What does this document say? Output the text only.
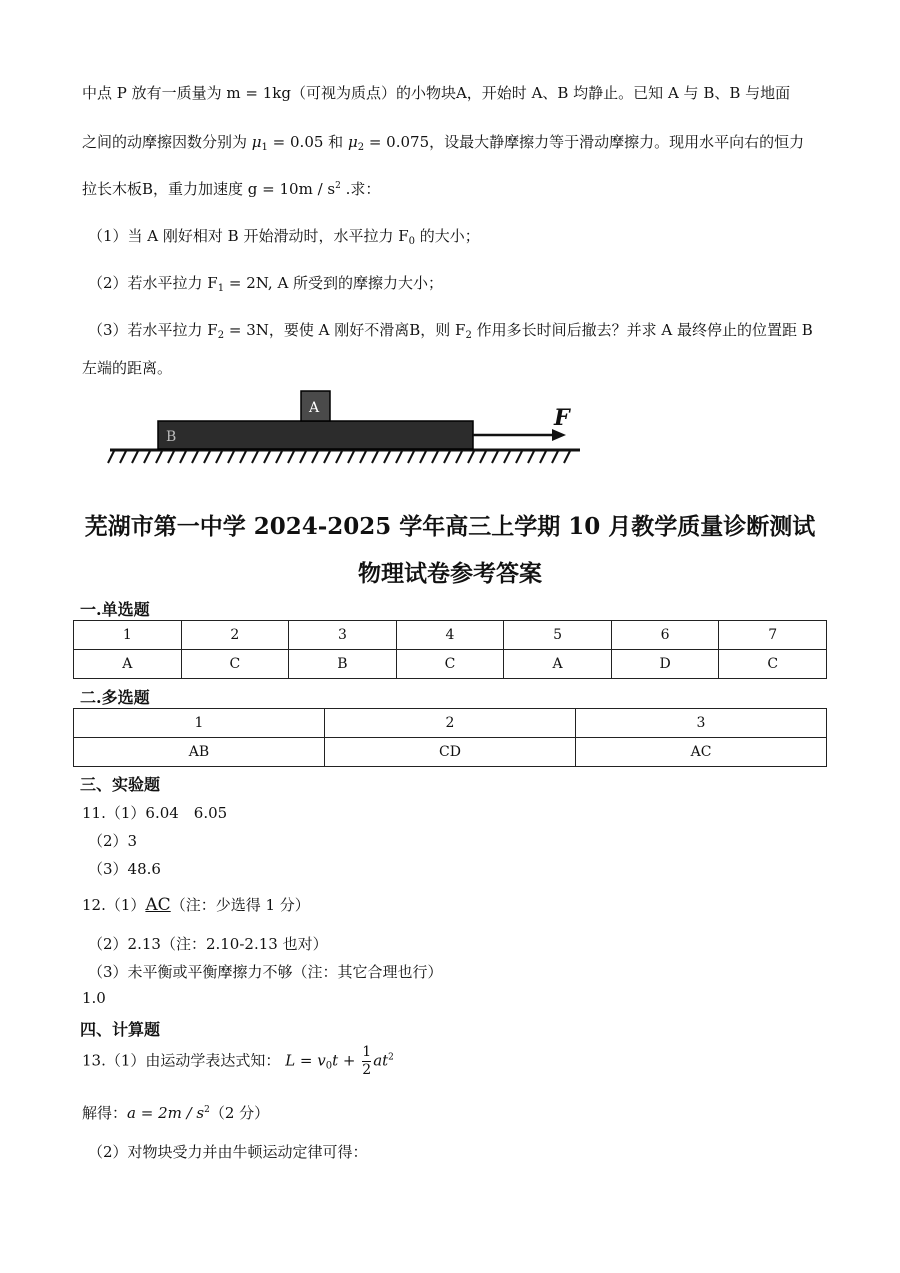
中点 P 放有一质量为 m = 1kg（可视为质点）的小物块A，开始时 A、B 均静止。已知 A 与 B、B 与地面
之间的动摩擦因数分别为 $\mu_1 = 0.05$ 和 $\mu_2 = 0.075$，设最大静摩擦力等于滑动摩擦力。现用水平向右的恒力
拉长木板B，重力加速度 $g = 10m / s^2$ .求：
（1）当 A 刚好相对 B 开始滑动时，水平拉力 $F_0$ 的大小；
（2）若水平拉力 $F_1 = 2N$, A 所受到的摩擦力大小；
（3）若水平拉力 $F_2 = 3N$，要使 A 刚好不滑离B，则 $F_2$ 作用多长时间后撤去？并求 A 最终停止的位置距 B
左端的距离。
B
A	F
芜湖市第一中学 2024-2025 学年高三上学期 10 月教学质量诊断测试
物理试卷参考答案
一.单选题
1	2	3	4	5	6	7
A	C	B	C	A	D	C
二.多选题
1	2	3
AB	CD	AC
三、实验题
11.（1）6.04　6.05
（2）3
（3）48.6
12.（1）AC（注：少选得 1 分）
（2）2.13（注：2.10-2.13 也对）
（3）未平衡或平衡摩擦力不够（注：其它合理也行）
1.0
四、计算题
13.（1）由运动学表达式知： $L = v_0t + \frac{1}{2} at^2$
解得：$a = 2m / s^2(2$ 分）
（2）对物块受力并由牛顿运动定律可得：
